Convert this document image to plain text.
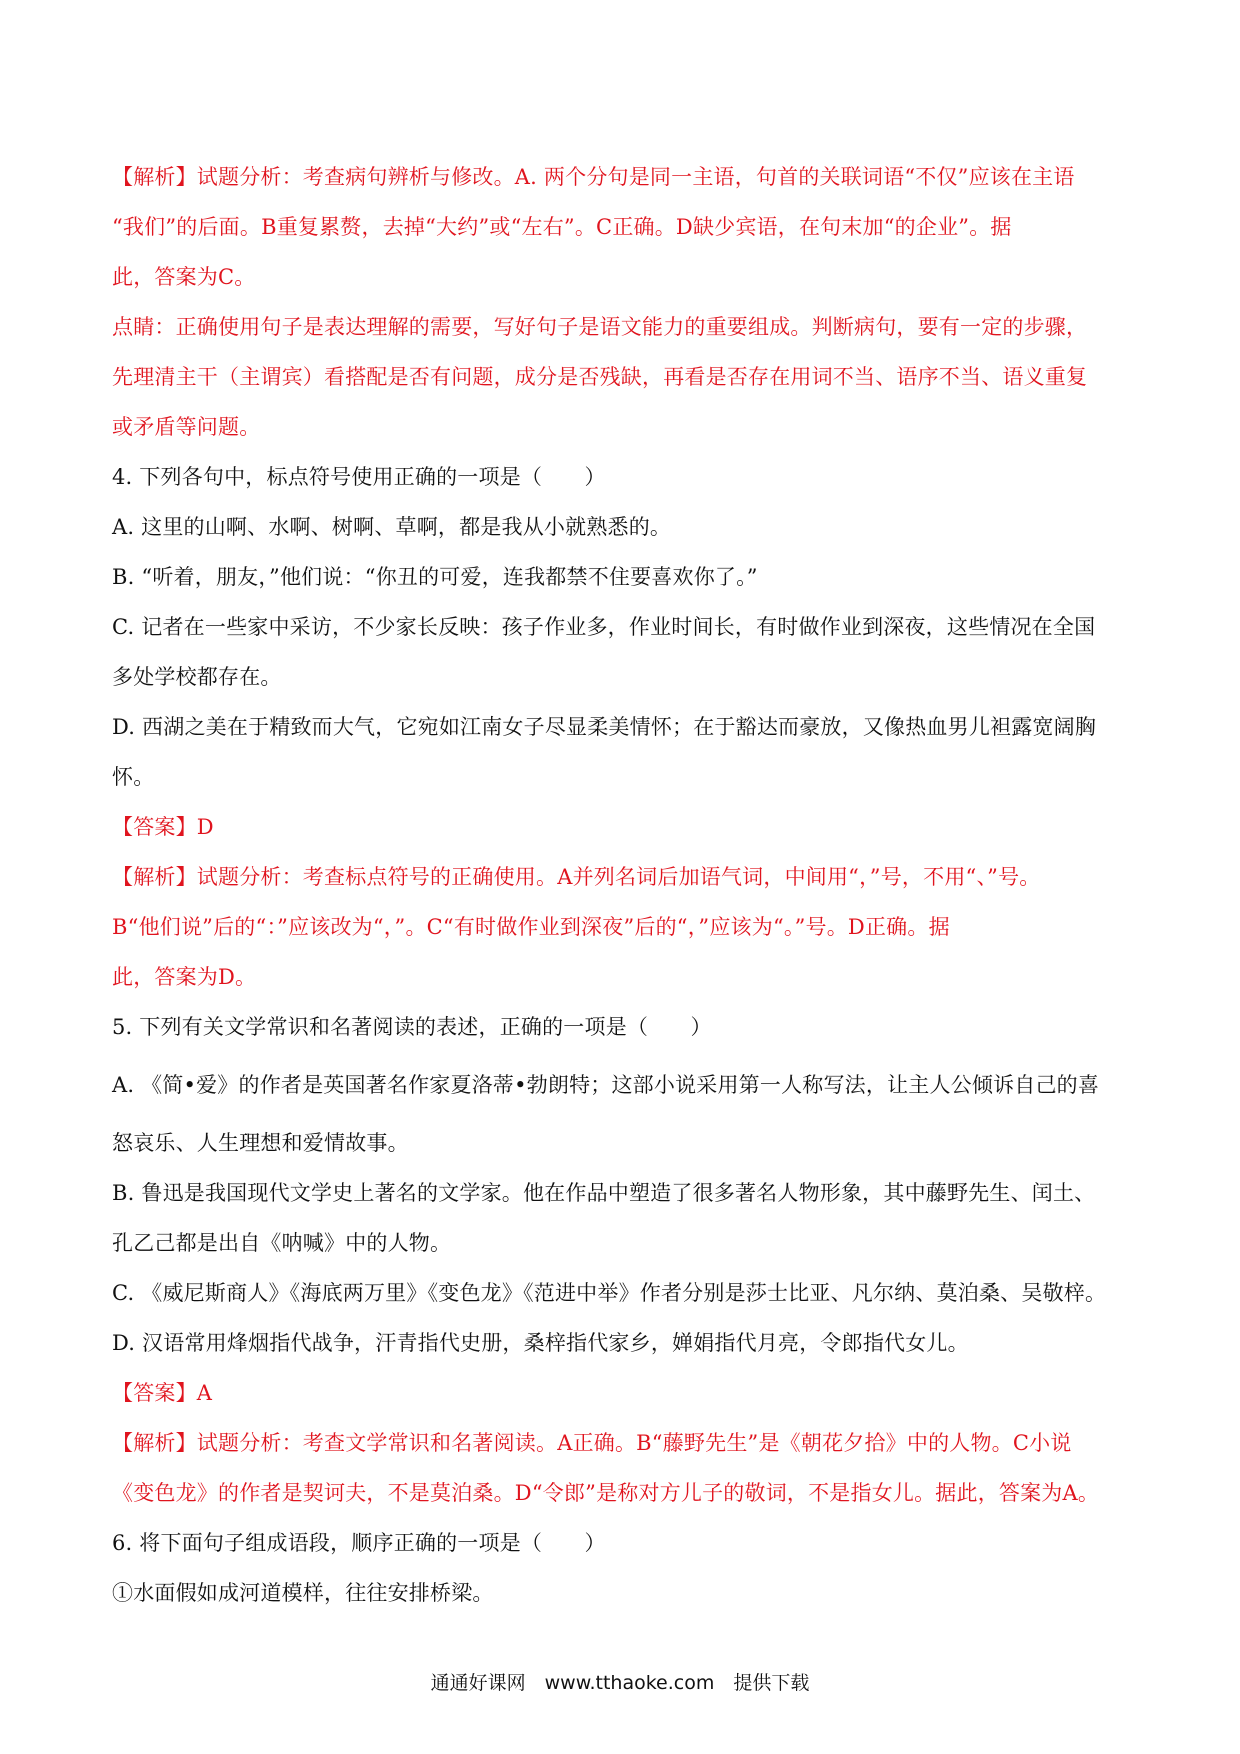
【解析】试题分析：考查病句辨析与修改。A. 两个分句是同一主语，句首的关联词语“不仅”应该在主语
“我们”的后面。B重复累赘，去掉“大约”或“左右”。C正确。D缺少宾语，在句末加“的企业”。据
此，答案为C。
点睛：正确使用句子是表达理解的需要，写好句子是语文能力的重要组成。判断病句，要有一定的步骤，
先理清主干（主谓宾）看搭配是否有问题，成分是否残缺，再看是否存在用词不当、语序不当、语义重复
或矛盾等问题。
4. 下列各句中，标点符号使用正确的一项是（　　）
A. 这里的山啊、水啊、树啊、草啊，都是我从小就熟悉的。
B. “听着，朋友，”他们说：“你丑的可爱，连我都禁不住要喜欢你了。”
C. 记者在一些家中采访，不少家长反映：孩子作业多，作业时间长，有时做作业到深夜，这些情况在全国
多处学校都存在。
D. 西湖之美在于精致而大气，它宛如江南女子尽显柔美情怀；在于豁达而豪放，又像热血男儿袒露宽阔胸
怀。
【答案】D
【解析】试题分析：考查标点符号的正确使用。A并列名词后加语气词，中间用“，”号，不用“、”号。
B“他们说”后的“：”应该改为“，”。C“有时做作业到深夜”后的“，”应该为“。”号。D正确。据
此，答案为D。
5. 下列有关文学常识和名著阅读的表述，正确的一项是（　　）
A. 《简•爱》的作者是英国著名作家夏洛蒂•勃朗特；这部小说采用第一人称写法，让主人公倾诉自己的喜
怒哀乐、人生理想和爱情故事。
B. 鲁迅是我国现代文学史上著名的文学家。他在作品中塑造了很多著名人物形象，其中藤野先生、闰土、
孔乙己都是出自《呐喊》中的人物。
C. 《威尼斯商人》《海底两万里》《变色龙》《范进中举》作者分别是莎士比亚、凡尔纳、莫泊桑、吴敬梓。
D. 汉语常用烽烟指代战争，汗青指代史册，桑梓指代家乡，婵娟指代月亮，令郎指代女儿。
【答案】A
【解析】试题分析：考查文学常识和名著阅读。A正确。B“藤野先生”是《朝花夕拾》中的人物。C小说
《变色龙》的作者是契诃夫，不是莫泊桑。D“令郎”是称对方儿子的敬词，不是指女儿。据此，答案为A。
6. 将下面句子组成语段，顺序正确的一项是（　　）
①水面假如成河道模样，往往安排桥梁。
通通好课网　www.tthaoke.com　提供下载
